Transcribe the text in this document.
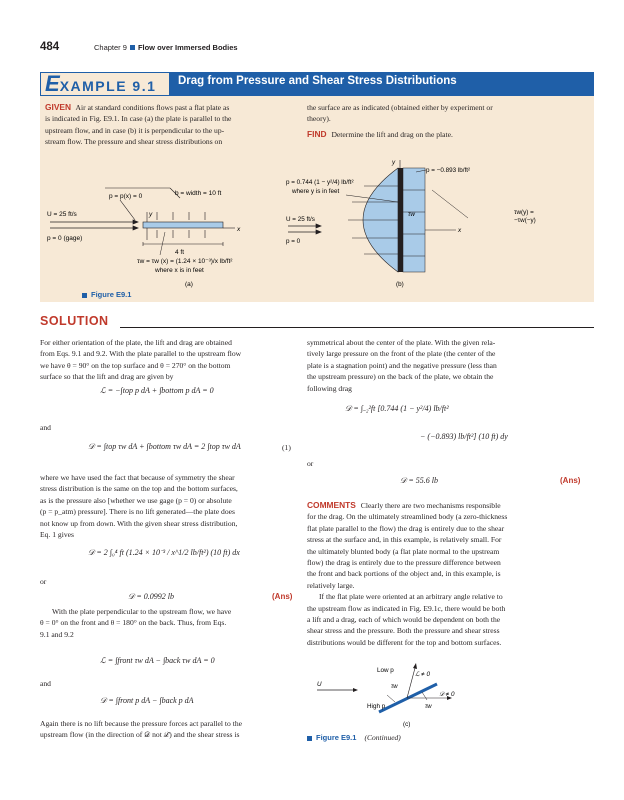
484	Chapter 9 Flow over Immersed Bodies
EXAMPLE 9.1	Drag from Pressure and Shear Stress Distributions
GIVEN Air at standard conditions flows past a flat plate as
is indicated in Fig. E9.1. In case (a) the plate is parallel to the
upstream flow, and in case (b) it is perpendicular to the up-
stream flow. The pressure and shear stress distributions on
the surface are as indicated (obtained either by experiment or
theory).
FIND Determine the lift and drag on the plate.
b = width = 10 ft
p = p(x) = 0
U = 25 ft/s
p = 0 (gage)
y
x
4 ft
τw = τw (x) = (1.24 × 10⁻³)/x lb/ft²
where x is in feet
(a)
p = −0.893 lb/ft²
p = 0.744 (1 − y²/4) lb/ft²
where y is in feet
U = 25 ft/s
p = 0
τw	τw(y) =
−τw(−y)
y
x
(b)
Figure E9.1
SOLUTION
For either orientation of the plate, the lift and drag are obtained
from Eqs. 9.1 and 9.2. With the plate parallel to the upstream flow
we have θ = 90° on the top surface and θ = 270° on the bottom
surface so that the lift and drag are given by
ℒ = −∫top p dA + ∫bottom p dA = 0
and
𝒟 = ∫top τw dA + ∫bottom τw dA = 2 ∫top τw dA	(1)
where we have used the fact that because of symmetry the shear
stress distribution is the same on the top and the bottom surfaces,
as is the pressure also [whether we use gage (p = 0) or absolute
(p = p_atm) pressure]. There is no lift generated—the plate does
not know up from down. With the given shear stress distribution,
Eq. 1 gives
𝒟 = 2 ∫₀⁴ ft (1.24 × 10⁻³ / x^1/2 lb/ft²) (10 ft) dx
or
𝒟 = 0.0992 lb	(Ans)
With the plate perpendicular to the upstream flow, we have
θ = 0° on the front and θ = 180° on the back. Thus, from Eqs.
9.1 and 9.2
ℒ = ∫front τw dA − ∫back τw dA = 0
and
𝒟 = ∫front p dA − ∫back p dA
Again there is no lift because the pressure forces act parallel to the
upstream flow (in the direction of 𝒟 not ℒ) and the shear stress is
symmetrical about the center of the plate. With the given rela-
tively large pressure on the front of the plate (the center of the
plate is a stagnation point) and the negative pressure (less than
the upstream pressure) on the back of the plate, we obtain the
following drag
𝒟 = ∫₋₂²ft [0.744 (1 − y²/4) lb/ft²
− (−0.893) lb/ft²] (10 ft) dy
or
𝒟 = 55.6 lb	(Ans)
COMMENTS Clearly there are two mechanisms responsible
for the drag. On the ultimately streamlined body (a zero-thickness
flat plate parallel to the flow) the drag is entirely due to the shear
stress at the surface and, in this example, is relatively small. For
the ultimately blunted body (a flat plate normal to the upstream
flow) the drag is entirely due to the pressure difference between
the front and back portions of the object and, in this example, is
relatively large.
If the flat plate were oriented at an arbitrary angle relative to
the upstream flow as indicated in Fig. E9.1c, there would be both
a lift and a drag, each of which would be dependent on both the
shear stress and the pressure. Both the pressure and shear stress
distributions would be different for the top and bottom surfaces.
Low p
ℒ ≠ 0
𝒟 ≠ 0
High p
U	τw
τw
(c)
Figure E9.1 (Continued)
